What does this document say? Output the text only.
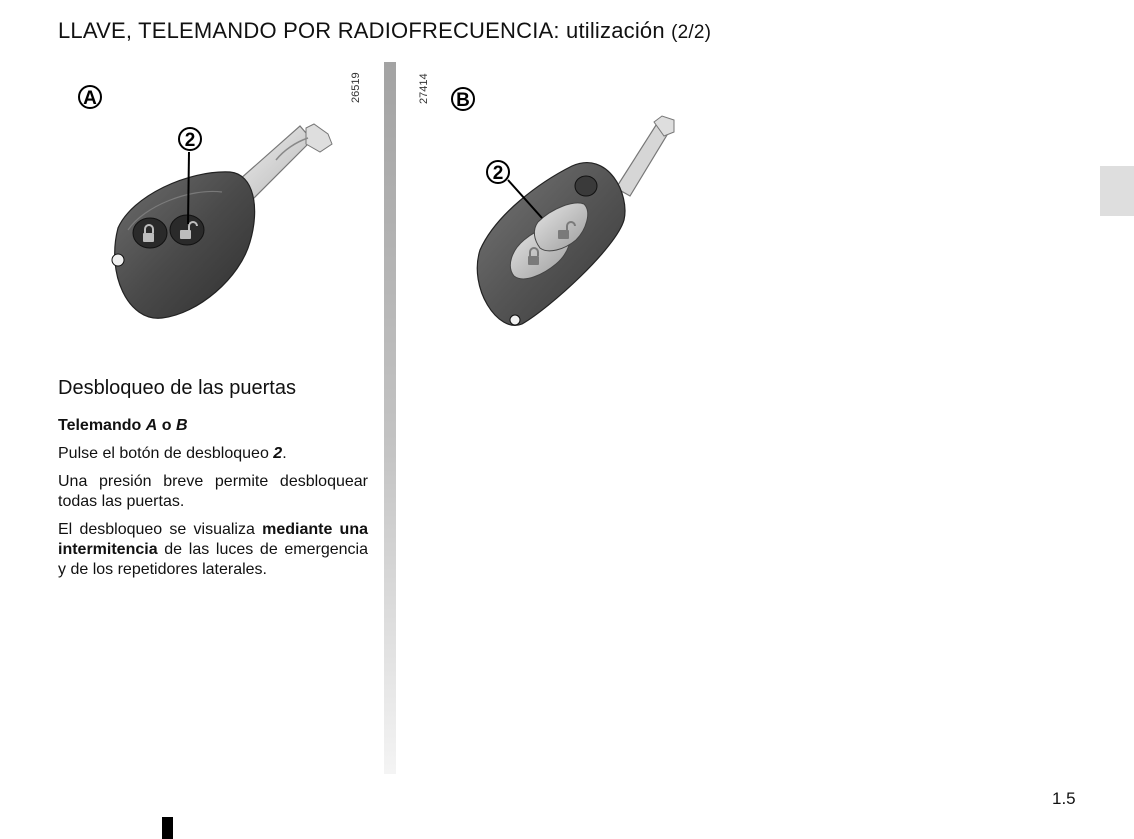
LLAVE, TELEMANDO POR RADIOFRECUENCIA: utilización (2/2)
26519	27414
A
2
B
2
Desbloqueo de las puertas

Telemando A o B

Pulse el botón de desbloqueo 2.

Una presión breve permite desbloquear todas las puertas.

El desbloqueo se visualiza mediante una intermitencia de las luces de emergencia y de los repetidores laterales.

1.5
